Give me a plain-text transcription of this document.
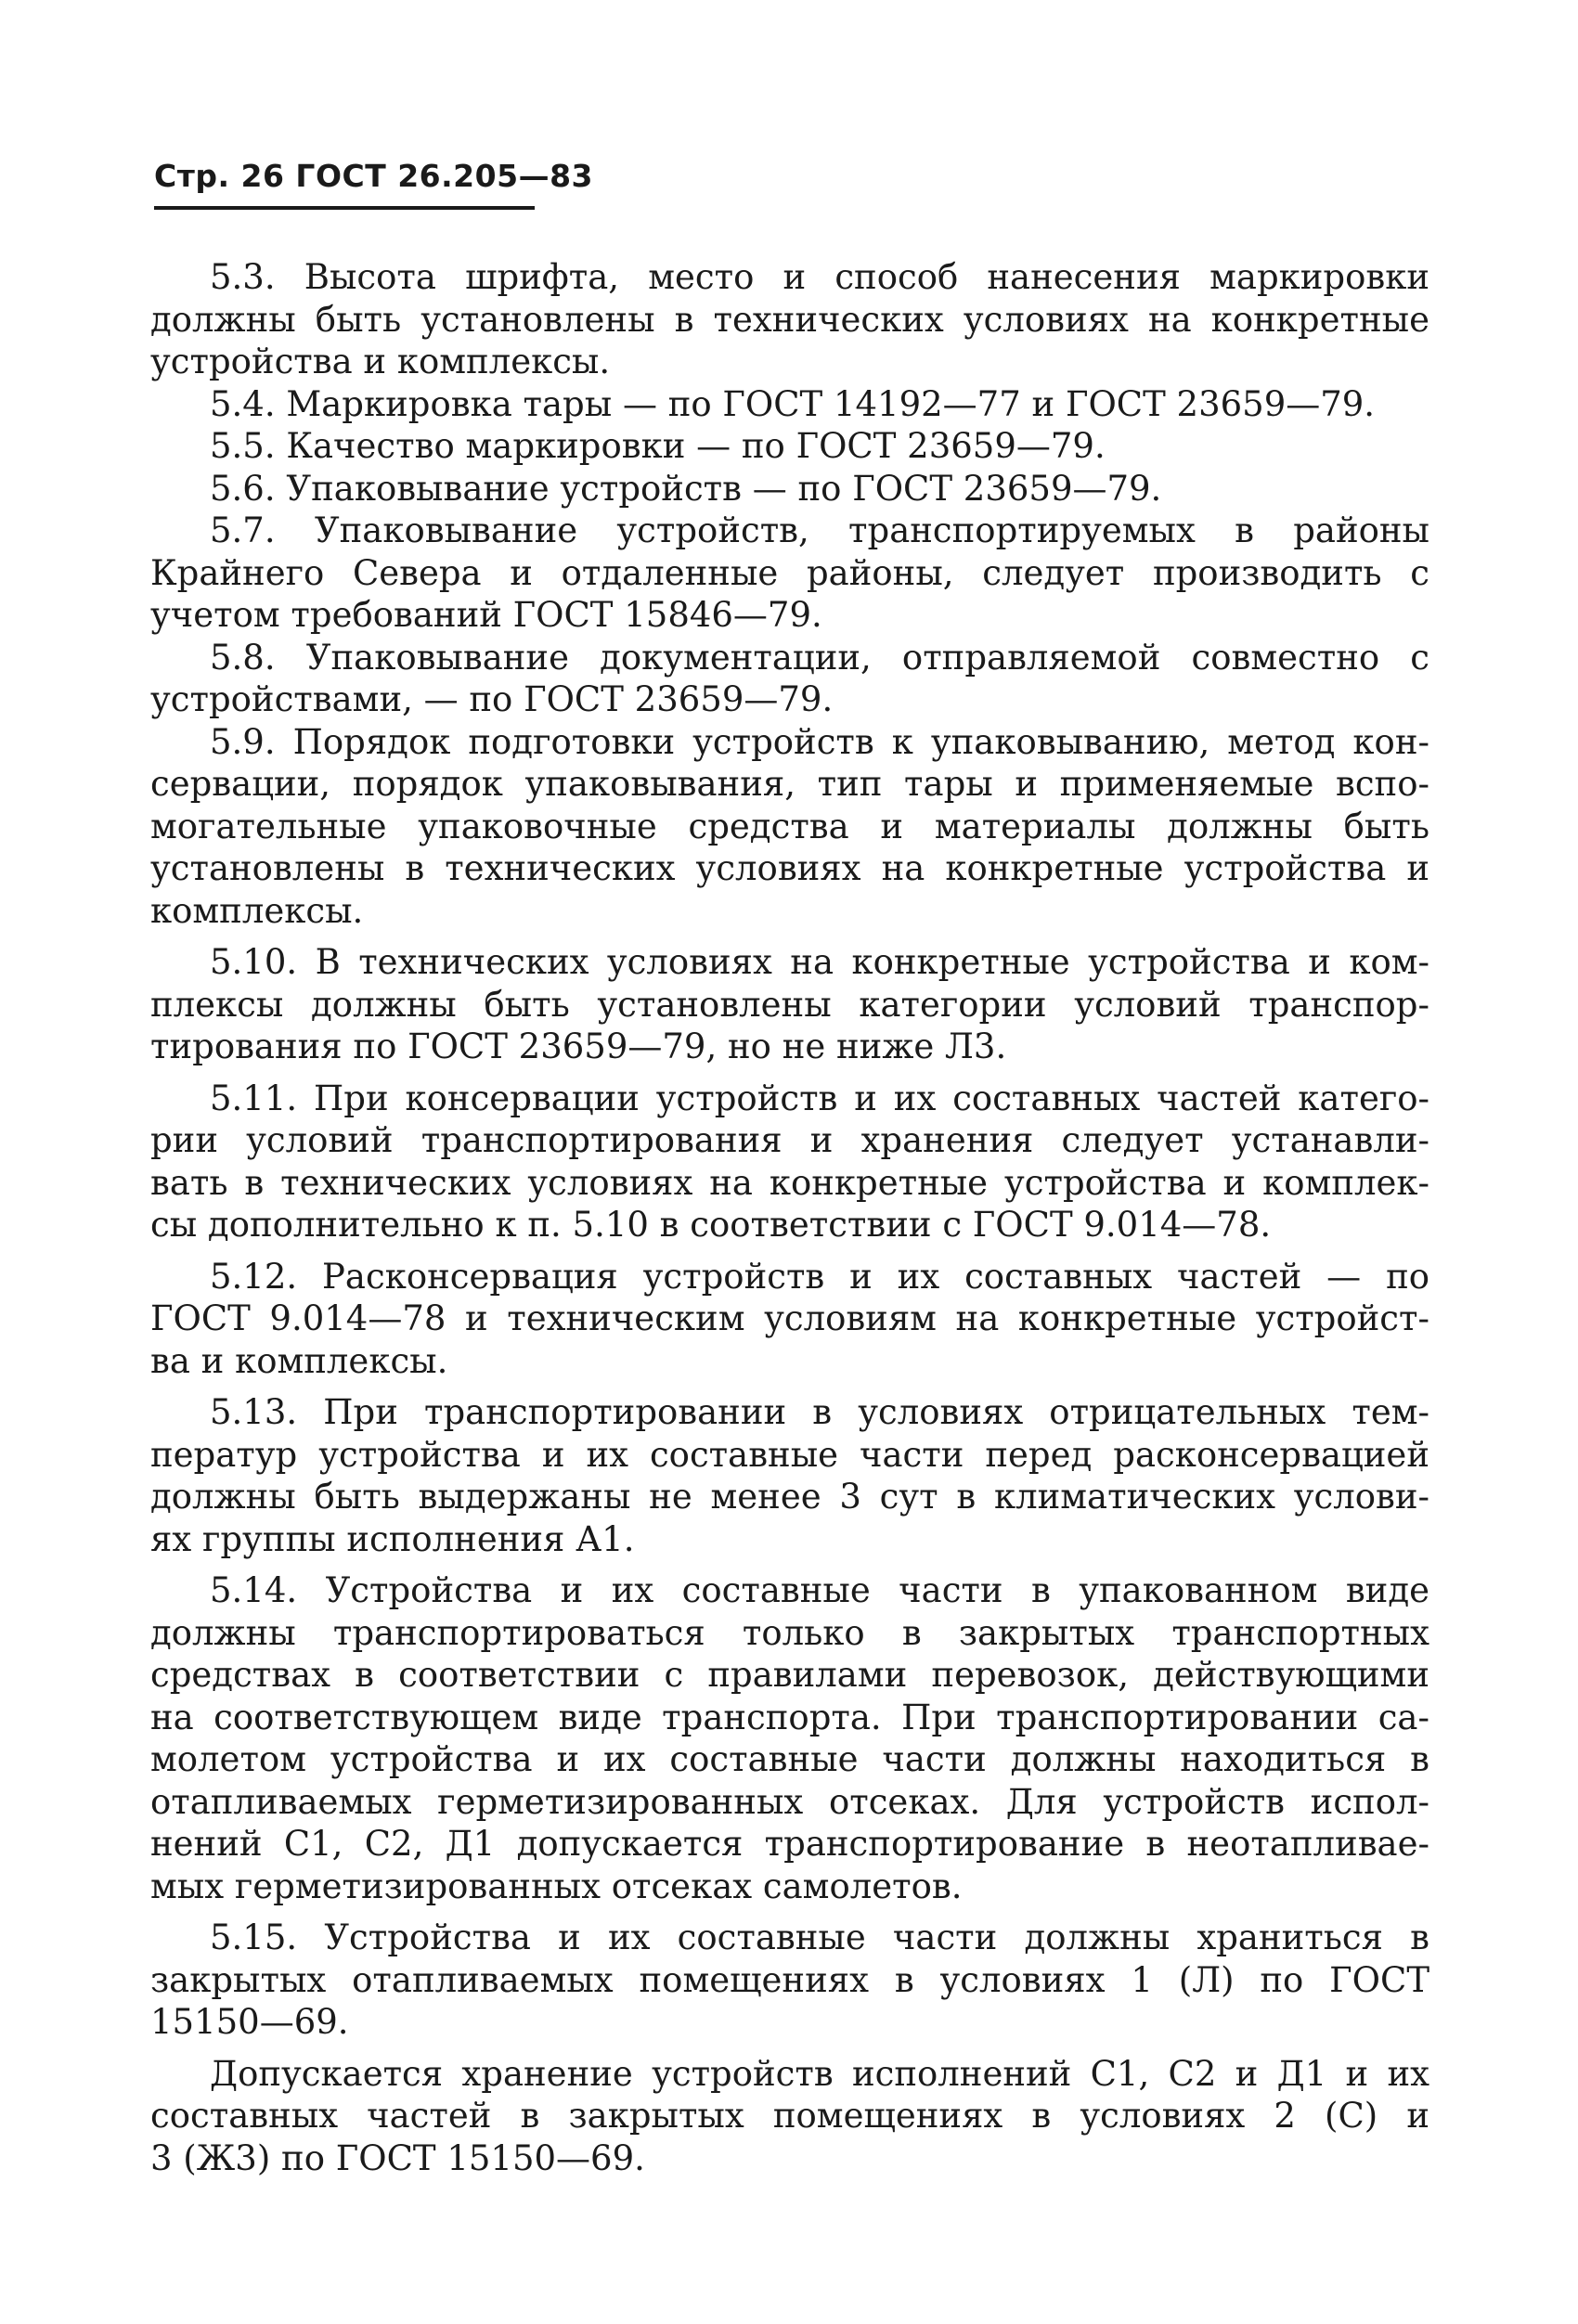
Стр. 26 ГОСТ 26.205—83
5.3. Высота шрифта, место и способ нанесения маркировки
должны быть установлены в технических условиях на конкретные
устройства и комплексы.
5.4. Маркировка тары — по ГОСТ 14192—77 и ГОСТ 23659—79.
5.5. Качество маркировки — по ГОСТ 23659—79.
5.6. Упаковывание устройств — по ГОСТ 23659—79.
5.7. Упаковывание устройств, транспортируемых в районы
Крайнего Севера и отдаленные районы, следует производить с
учетом требований ГОСТ 15846—79.
5.8. Упаковывание документации, отправляемой совместно с
устройствами, — по ГОСТ 23659—79.
5.9. Порядок подготовки устройств к упаковыванию, метод кон-
сервации, порядок упаковывания, тип тары и применяемые вспо-
могательные упаковочные средства и материалы должны быть
установлены в технических условиях на конкретные устройства и
комплексы.
5.10. В технических условиях на конкретные устройства и ком-
плексы должны быть установлены категории условий транспор-
тирования по ГОСТ 23659—79, но не ниже Л3.
5.11. При консервации устройств и их составных частей катего-
рии условий транспортирования и хранения следует устанавли-
вать в технических условиях на конкретные устройства и комплек-
сы дополнительно к п. 5.10 в соответствии с ГОСТ 9.014—78.
5.12. Расконсервация устройств и их составных частей — по
ГОСТ 9.014—78 и техническим условиям на конкретные устройст-
ва и комплексы.
5.13. При транспортировании в условиях отрицательных тем-
ператур устройства и их составные части перед расконсервацией
должны быть выдержаны не менее 3 сут в климатических услови-
ях группы исполнения А1.
5.14. Устройства и их составные части в упакованном виде
должны транспортироваться только в закрытых транспортных
средствах в соответствии с правилами перевозок, действующими
на соответствующем виде транспорта. При транспортировании са-
молетом устройства и их составные части должны находиться в
отапливаемых герметизированных отсеках. Для устройств испол-
нений С1, С2, Д1 допускается транспортирование в неотапливае-
мых герметизированных отсеках самолетов.
5.15. Устройства и их составные части должны храниться в
закрытых отапливаемых помещениях в условиях 1 (Л) по ГОСТ
15150—69.
Допускается хранение устройств исполнений С1, С2 и Д1 и их
составных частей в закрытых помещениях в условиях 2 (С) и
3 (Ж3) по ГОСТ 15150—69.
